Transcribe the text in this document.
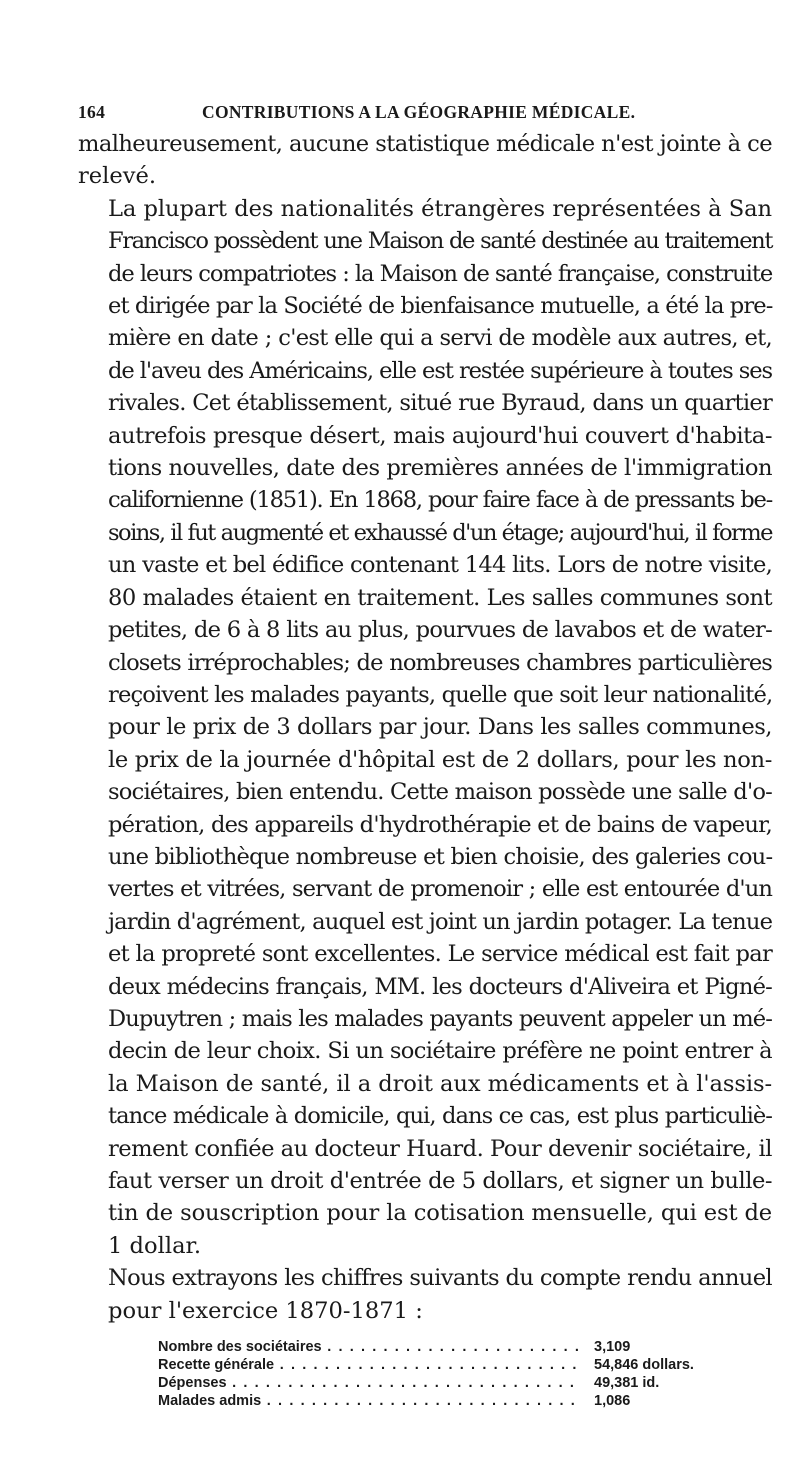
164	CONTRIBUTIONS A LA GÉOGRAPHIE MÉDICALE.

malheureusement, aucune statistique médicale n'est jointe à ce
relevé.

La plupart des nationalités étrangères représentées à San
Francisco possèdent une Maison de santé destinée au traitement
de leurs compatriotes : la Maison de santé française, construite
et dirigée par la Société de bienfaisance mutuelle, a été la pre-
mière en date ; c'est elle qui a servi de modèle aux autres, et,
de l'aveu des Américains, elle est restée supérieure à toutes ses
rivales. Cet établissement, situé rue Byraud, dans un quartier
autrefois presque désert, mais aujourd'hui couvert d'habita-
tions nouvelles, date des premières années de l'immigration
californienne (1851). En 1868, pour faire face à de pressants be-
soins, il fut augmenté et exhaussé d'un étage; aujourd'hui, il forme
un vaste et bel édifice contenant 144 lits. Lors de notre visite,
80 malades étaient en traitement. Les salles communes sont
petites, de 6 à 8 lits au plus, pourvues de lavabos et de water-
closets irréprochables; de nombreuses chambres particulières
reçoivent les malades payants, quelle que soit leur nationalité,
pour le prix de 3 dollars par jour. Dans les salles communes,
le prix de la journée d'hôpital est de 2 dollars, pour les non-
sociétaires, bien entendu. Cette maison possède une salle d'o-
pération, des appareils d'hydrothérapie et de bains de vapeur,
une bibliothèque nombreuse et bien choisie, des galeries cou-
vertes et vitrées, servant de promenoir ; elle est entourée d'un
jardin d'agrément, auquel est joint un jardin potager. La tenue
et la propreté sont excellentes. Le service médical est fait par
deux médecins français, MM. les docteurs d'Aliveira et Pigné-
Dupuytren ; mais les malades payants peuvent appeler un mé-
decin de leur choix. Si un sociétaire préfère ne point entrer à
la Maison de santé, il a droit aux médicaments et à l'assis-
tance médicale à domicile, qui, dans ce cas, est plus particuliè-
rement confiée au docteur Huard. Pour devenir sociétaire, il
faut verser un droit d'entrée de 5 dollars, et signer un bulle-
tin de souscription pour la cotisation mensuelle, qui est de
1 dollar.

Nous extrayons les chiffres suivants du compte rendu annuel
pour l'exercice 1870-1871 :

Nombre des sociétaires . . .	3,109
Recette générale . . .	54,846 dollars.
Dépenses . . .	49,381 id.
Malades admis . . .	1,086
